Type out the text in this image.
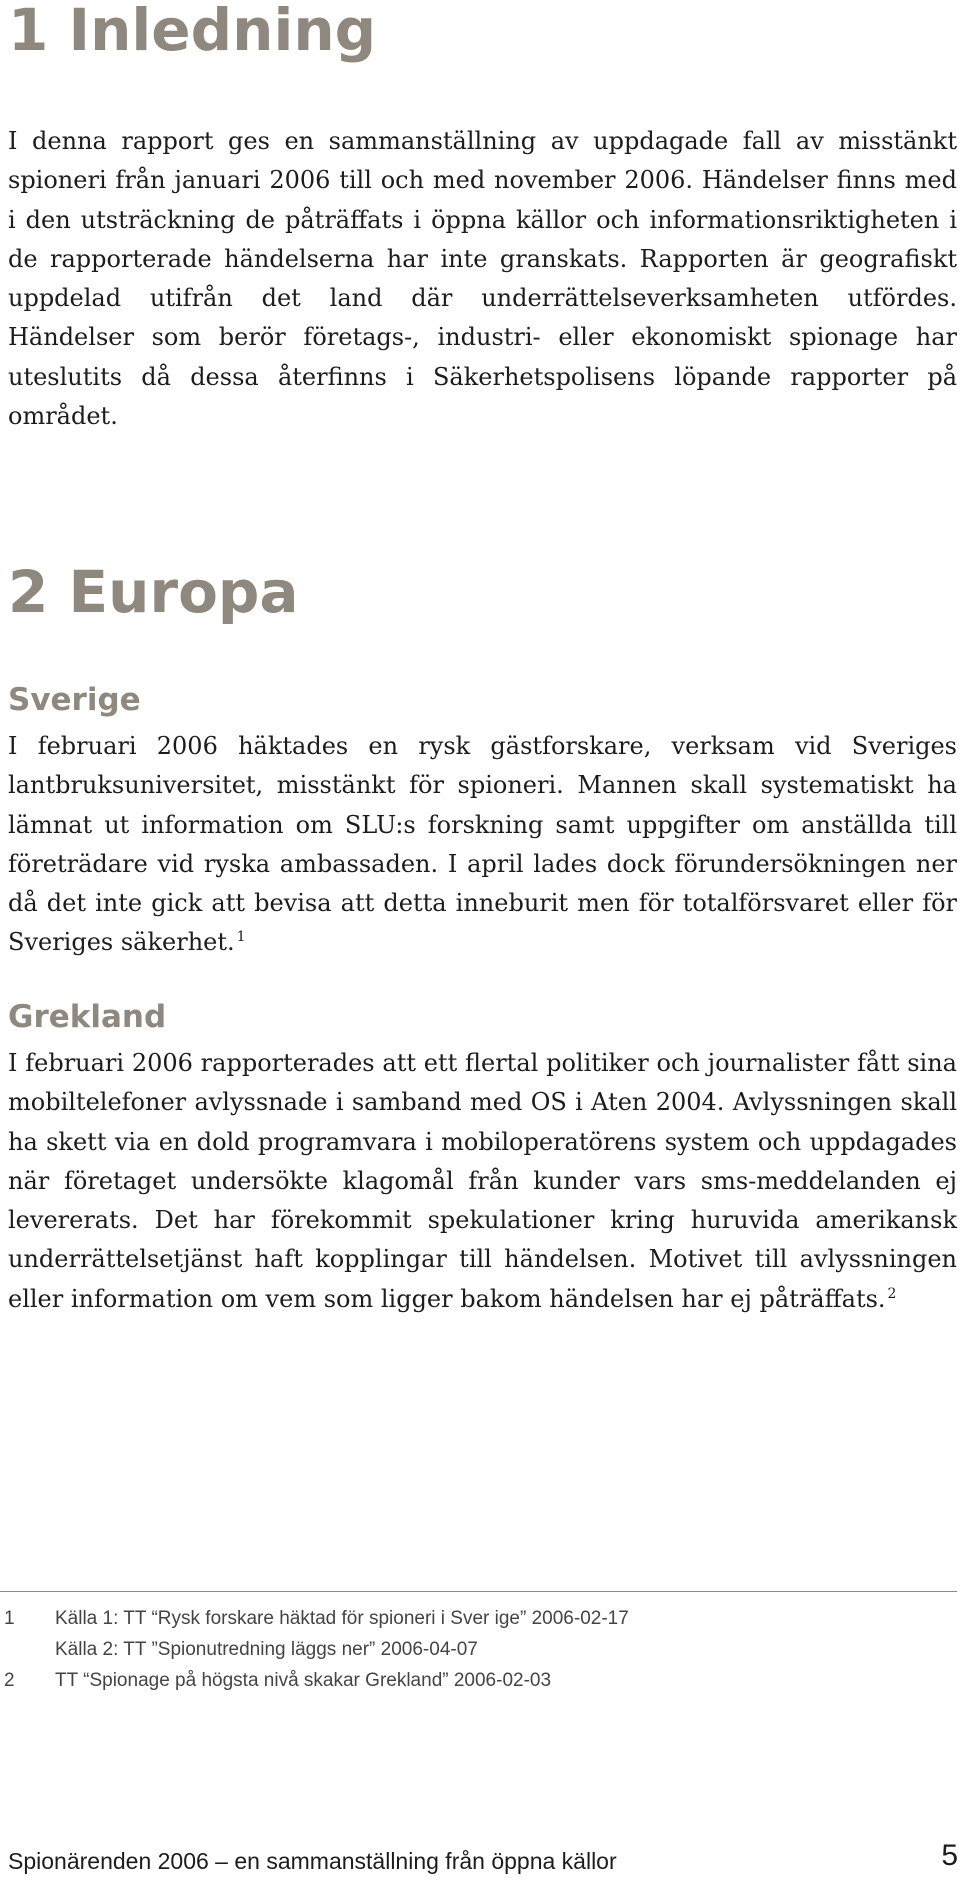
1 Inledning

I denna rapport ges en sammanställning av uppdagade fall av misstänkt spioneri från januari 2006 till och med november 2006. Händelser finns med i den utsträckning de påträffats i öppna källor och informationsriktigheten i de rapporterade händelserna har inte granskats. Rapporten är geografiskt uppdelad utifrån det land där underrättelseverksamheten utfördes. Händelser som berör företags-, industri- eller ekonomiskt spionage har uteslutits då dessa återfinns i Säkerhetspolisens löpande rapporter på området.

2 Europa
Sverige

I februari 2006 häktades en rysk gästforskare, verksam vid Sveriges lantbruksuniversitet, misstänkt för spioneri. Mannen skall systematiskt ha lämnat ut information om SLU:s forskning samt uppgifter om anställda till företrädare vid ryska ambassaden. I april lades dock förundersökningen ner då det inte gick att bevisa att detta inneburit men för totalförsvaret eller för Sveriges säkerhet. $^1$

Grekland

I februari 2006 rapporterades att ett flertal politiker och journalister fått sina mobiltelefoner avlyssnade i samband med OS i Aten 2004. Avlyssningen skall ha skett via en dold programvara i mobiloperatörens system och uppdagades när företaget undersökte klagomål från kunder vars sms-meddelanden ej levererats. Det har förekommit spekulationer kring huruvida amerikansk underrättelsetjänst haft kopplingar till händelsen. Motivet till avlyssningen eller information om vem som ligger bakom händelsen har ej påträffats. $^2$

1	Källa 1: TT “Rysk forskare häktad för spioneri i Sver ige” 2006-02-17
Källa 2: TT ”Spionutredning läggs ner” 2006-04-07
2	TT “Spionage på högsta nivå skakar Grekland” 2006-02-03
Spionärenden 2006 – en sammanställning från öppna källor	5
